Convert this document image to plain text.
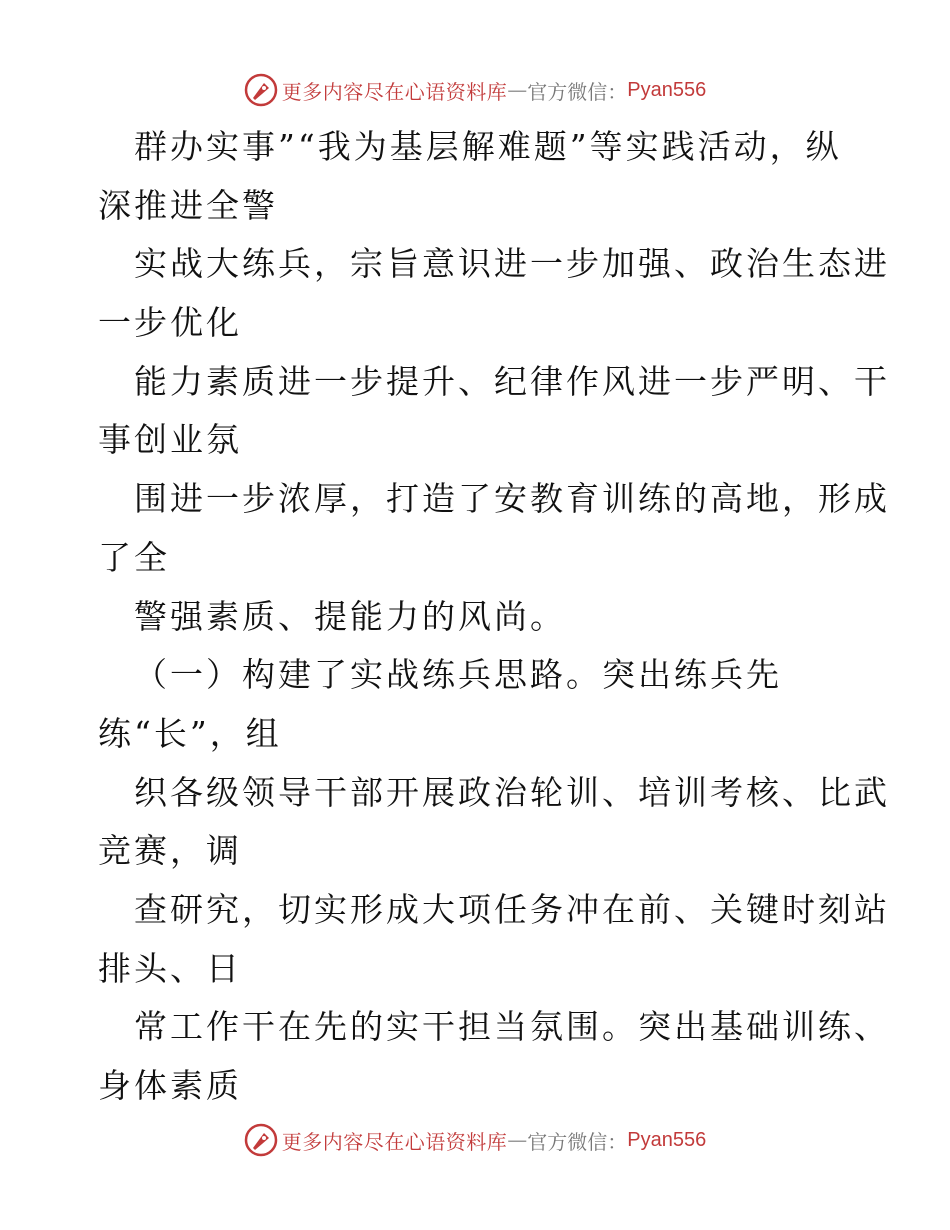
更多内容尽在心语资料库 — 官方微信： Pyan556
群办实事”“我为基层解难题”等实践活动，纵
深推进全警
实战大练兵，宗旨意识进一步加强、政治生态进
一步优化
能力素质进一步提升、纪律作风进一步严明、干
事创业氛
围进一步浓厚，打造了安教育训练的高地，形成
了全
警强素质、提能力的风尚。
（一）构建了实战练兵思路。突出练兵先
练“长”，组
织各级领导干部开展政治轮训、培训考核、比武
竞赛，调
查研究，切实形成大项任务冲在前、关键时刻站
排头、日
常工作干在先的实干担当氛围。突出基础训练、
身体素质
更多内容尽在心语资料库 — 官方微信： Pyan556
